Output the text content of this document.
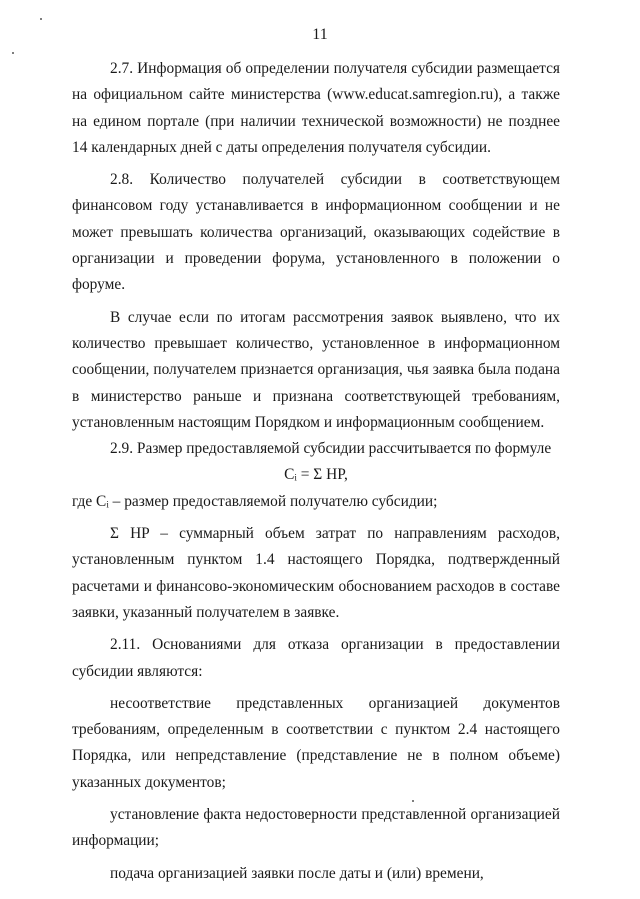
11

2.7. Информация об определении получателя субсидии размещается на официальном сайте министерства (www.educat.samregion.ru), а также на едином портале (при наличии технической возможности) не позднее 14 календарных дней с даты определения получателя субсидии.

2.8. Количество получателей субсидии в соответствующем финансовом году устанавливается в информационном сообщении и не может превышать количества организаций, оказывающих содействие в организации и проведении форума, установленного в положении о форуме.

В случае если по итогам рассмотрения заявок выявлено, что их количество превышает количество, установленное в информационном сообщении, получателем признается организация, чья заявка была подана в министерство раньше и признана соответствующей требованиям, установленным настоящим Порядком и информационным сообщением.

2.9. Размер предоставляемой субсидии рассчитывается по формуле

Cᵢ = Σ HP,

где Cᵢ – размер предоставляемой получателю субсидии;

Σ HP – суммарный объем затрат по направлениям расходов, установленным пунктом 1.4 настоящего Порядка, подтвержденный расчетами и финансово-экономическим обоснованием расходов в составе заявки, указанный получателем в заявке.

2.11. Основаниями для отказа организации в предоставлении субсидии являются:

несоответствие представленных организацией документов требованиям, определенным в соответствии с пунктом 2.4 настоящего Порядка, или непредставление (представление не в полном объеме) указанных документов;

установление факта недостоверности представленной организацией информации;

подача организацией заявки после даты и (или) времени,
